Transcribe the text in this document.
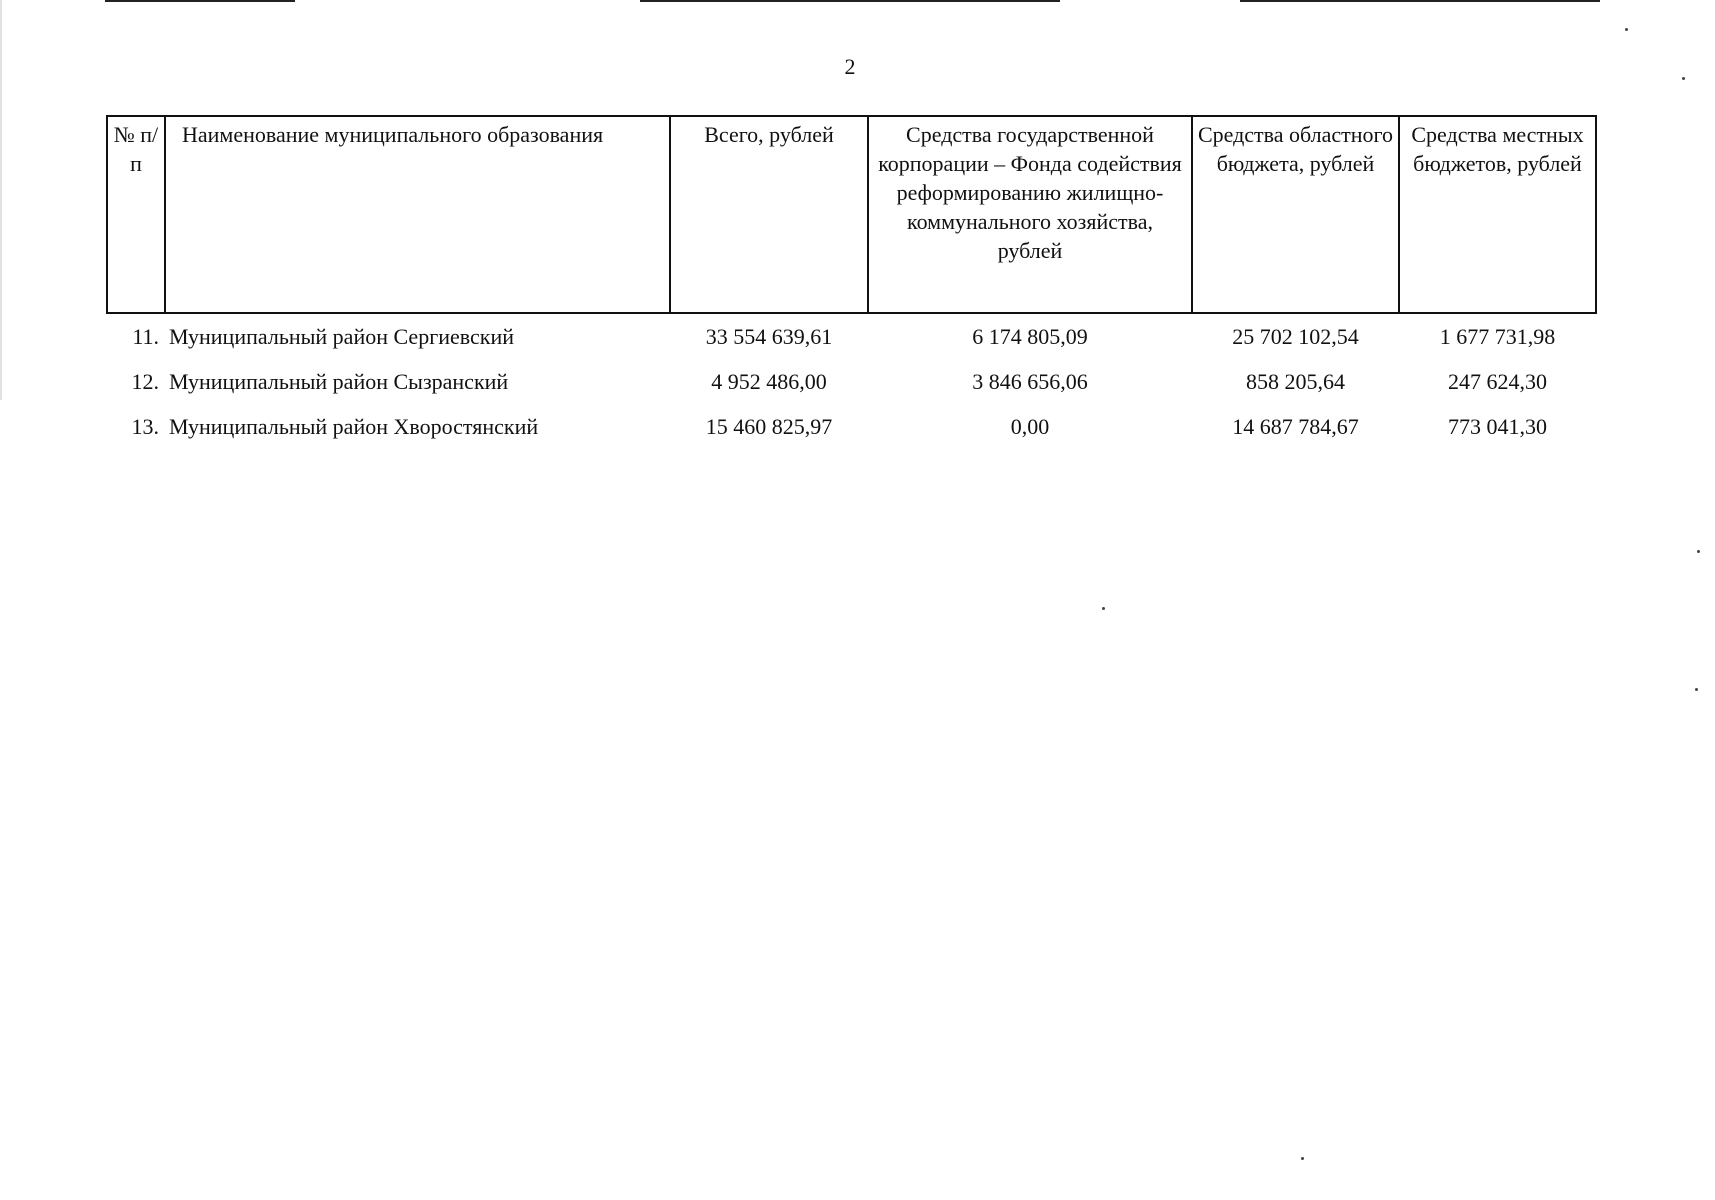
2
№ п/п	Наименование муниципального образования	Всего, рублей	Средства государственной корпорации – Фонда содействия реформированию жилищно-коммунального хозяйства, рублей	Средства областного бюджета, рублей	Средства местных бюджетов, рублей
11.	Муниципальный район Сергиевский	33 554 639,61	6 174 805,09	25 702 102,54	1 677 731,98
12.	Муниципальный район Сызранский	4 952 486,00	3 846 656,06	858 205,64	247 624,30
13.	Муниципальный район Хворостянский	15 460 825,97	0,00	14 687 784,67	773 041,30
